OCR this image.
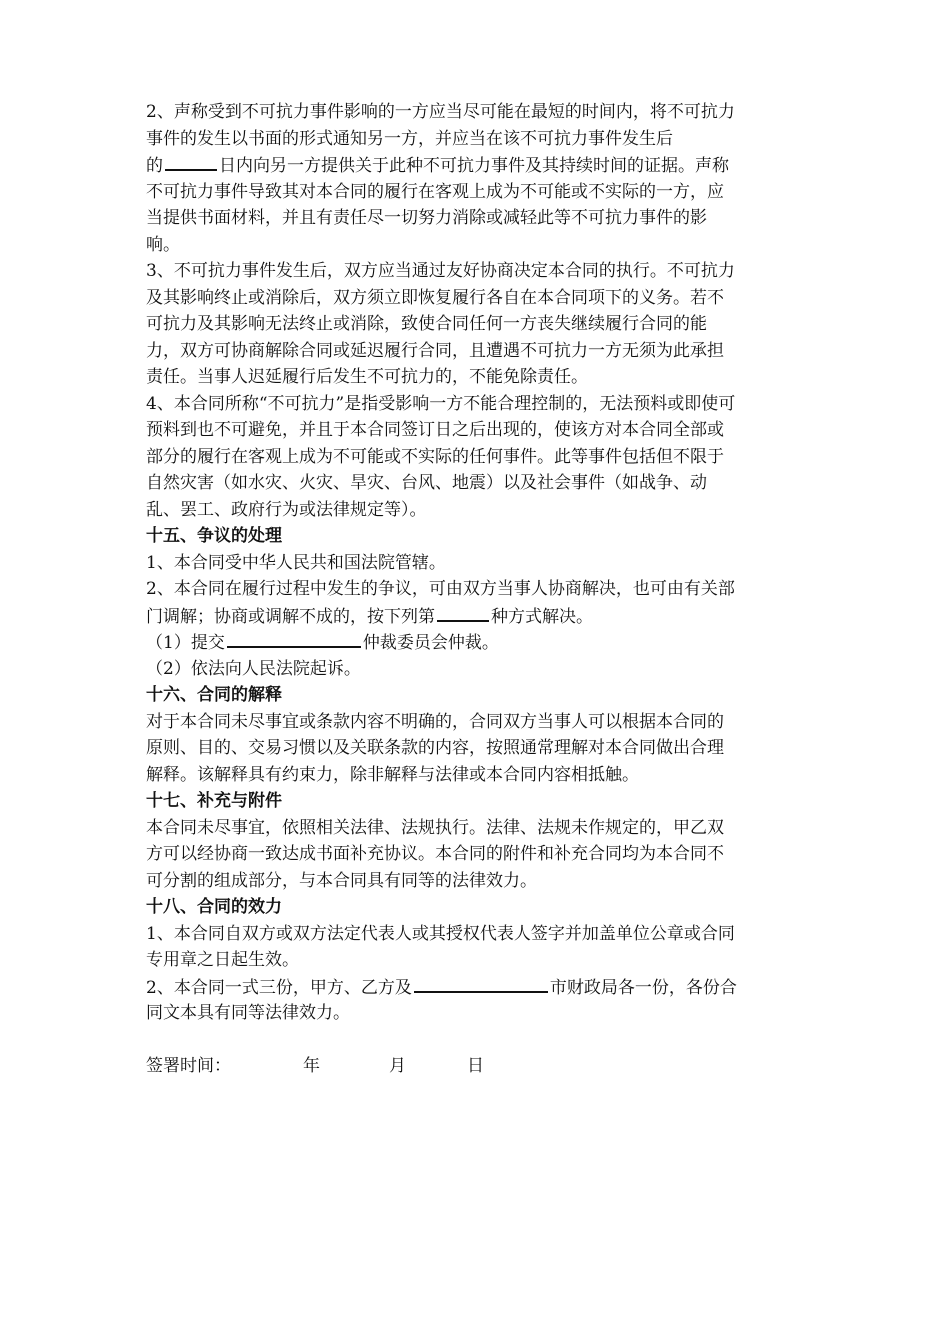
2、声称受到不可抗力事件影响的一方应当尽可能在最短的时间内，将不可抗力
事件的发生以书面的形式通知另一方，并应当在该不可抗力事件发生后
的	日内向另一方提供关于此种不可抗力事件及其持续时间的证据。声称
不可抗力事件导致其对本合同的履行在客观上成为不可能或不实际的一方，应
当提供书面材料，并且有责任尽一切努力消除或减轻此等不可抗力事件的影
响。
3、不可抗力事件发生后，双方应当通过友好协商决定本合同的执行。不可抗力
及其影响终止或消除后，双方须立即恢复履行各自在本合同项下的义务。若不
可抗力及其影响无法终止或消除，致使合同任何一方丧失继续履行合同的能
力，双方可协商解除合同或延迟履行合同，且遭遇不可抗力一方无须为此承担
责任。当事人迟延履行后发生不可抗力的，不能免除责任。
4、本合同所称“不可抗力”是指受影响一方不能合理控制的，无法预料或即使可
预料到也不可避免，并且于本合同签订日之后出现的，使该方对本合同全部或
部分的履行在客观上成为不可能或不实际的任何事件。此等事件包括但不限于
自然灾害（如水灾、火灾、旱灾、台风、地震）以及社会事件（如战争、动
乱、罢工、政府行为或法律规定等）。
十五、争议的处理
1、本合同受中华人民共和国法院管辖。
2、本合同在履行过程中发生的争议，可由双方当事人协商解决，也可由有关部
门调解；协商或调解不成的，按下列第	种方式解决。
（1）提交	仲裁委员会仲裁。
（2）依法向人民法院起诉。
十六、合同的解释
对于本合同未尽事宜或条款内容不明确的，合同双方当事人可以根据本合同的
原则、目的、交易习惯以及关联条款的内容，按照通常理解对本合同做出合理
解释。该解释具有约束力，除非解释与法律或本合同内容相抵触。
十七、补充与附件
本合同未尽事宜，依照相关法律、法规执行。法律、法规未作规定的，甲乙双
方可以经协商一致达成书面补充协议。本合同的附件和补充合同均为本合同不
可分割的组成部分，与本合同具有同等的法律效力。
十八、合同的效力
1、本合同自双方或双方法定代表人或其授权代表人签字并加盖单位公章或合同
专用章之日起生效。
2、本合同一式三份，甲方、乙方及	市财政局各一份，各份合
同文本具有同等法律效力。
签署时间：	年	月	日
